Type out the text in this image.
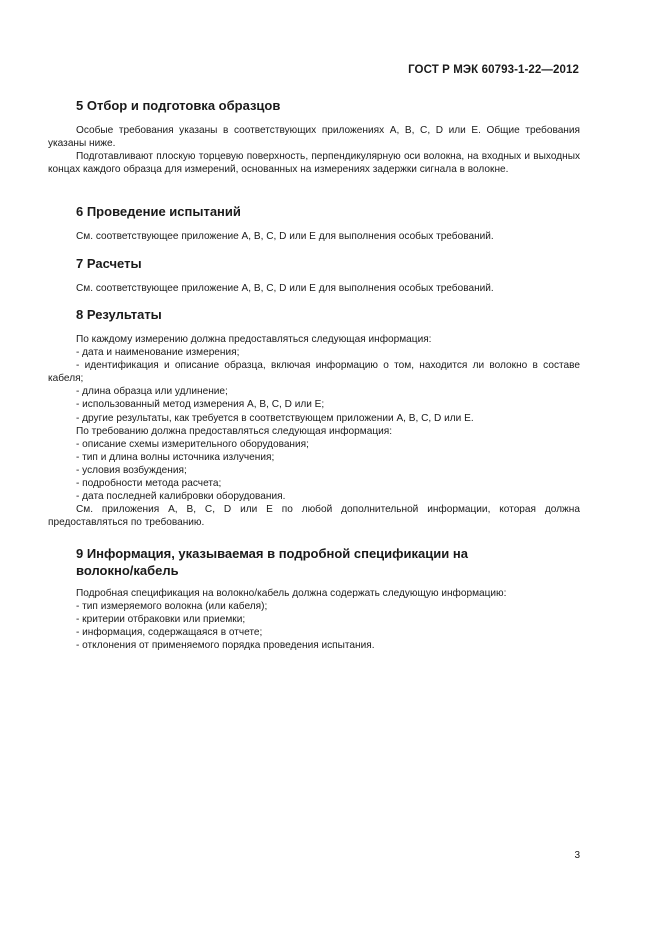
ГОСТ Р МЭК 60793-1-22—2012
5 Отбор и подготовка образцов

Особые требования указаны в соответствующих приложениях A, B, C, D или E. Общие требования указаны ниже.

Подготавливают плоскую торцевую поверхность, перпендикулярную оси волокна, на входных и выходных концах каждого образца для измерений, основанных на измерениях задержки сигнала в волокне.

6 Проведение испытаний

См. соответствующее приложение A, B, C, D или E для выполнения особых требований.

7 Расчеты

См. соответствующее приложение A, B, C, D или E для выполнения особых требований.

8 Результаты

По каждому измерению должна предоставляться следующая информация:

- дата и наименование измерения;

- идентификация и описание образца, включая информацию о том, находится ли волокно в составе кабеля;

- длина образца или удлинение;

- использованный метод измерения A, B, C, D или E;

- другие результаты, как требуется в соответствующем приложении A, B, C, D или E.

По требованию должна предоставляться следующая информация:

- описание схемы измерительного оборудования;

- тип и длина волны источника излучения;

- условия возбуждения;

- подробности метода расчета;

- дата последней калибровки оборудования.

См. приложения A, B, C, D или E по любой дополнительной информации, которая должна предоставляться по требованию.

9 Информация, указываемая в подробной спецификации на
волокно/кабель

Подробная спецификация на волокно/кабель должна содержать следующую информацию:

- тип измеряемого волокна (или кабеля);

- критерии отбраковки или приемки;

- информация, содержащаяся в отчете;

- отклонения от применяемого порядка проведения испытания.

3
